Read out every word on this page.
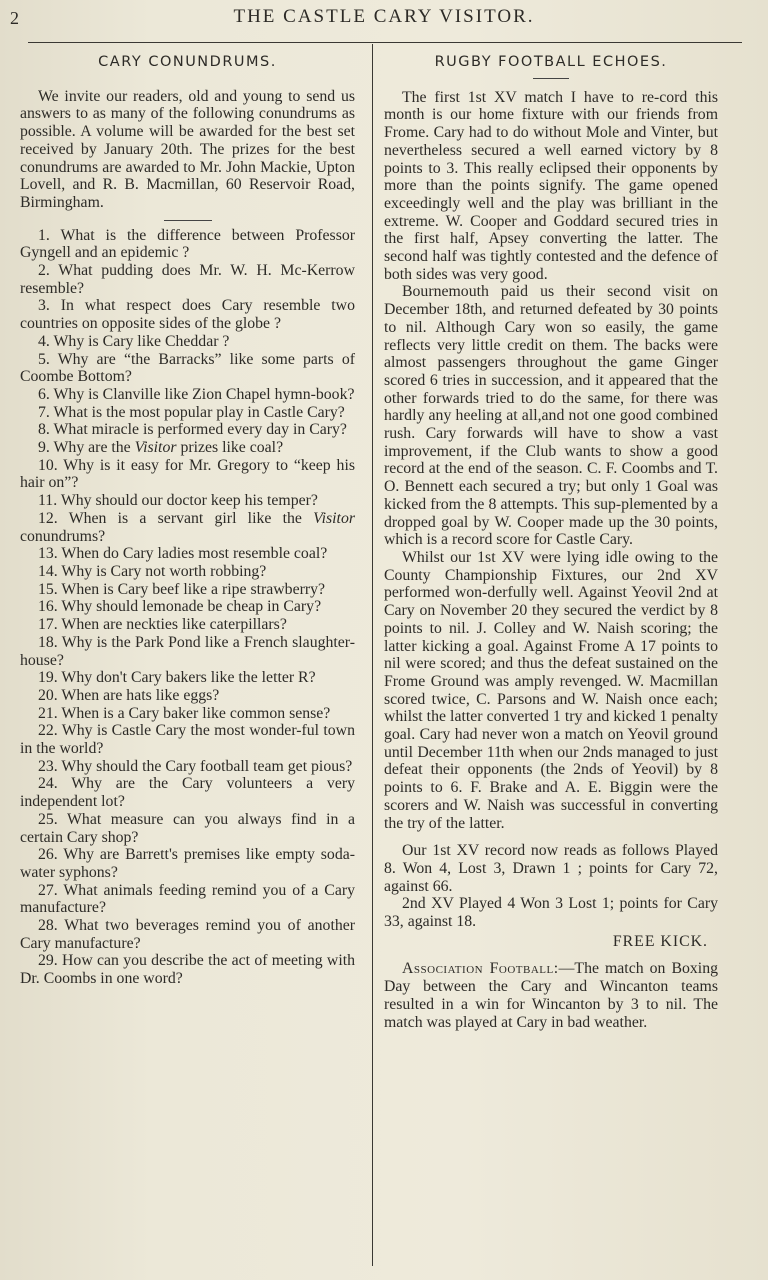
2	THE CASTLE CARY VISITOR.
CARY CONUNDRUMS.

We invite our readers, old and young to send us answers to as many of the following conundrums as possible. A volume will be awarded for the best set received by January 20th. The prizes for the best conundrums are awarded to Mr. John Mackie, Upton Lovell, and R. B. Macmillan, 60 Reservoir Road, Birmingham.

1. What is the difference between Professor Gyngell and an epidemic ?

2. What pudding does Mr. W. H. Mc-Kerrow resemble?

3. In what respect does Cary resemble two countries on opposite sides of the globe ?

4. Why is Cary like Cheddar ?

5. Why are “the Barracks” like some parts of Coombe Bottom?

6. Why is Clanville like Zion Chapel hymn-book?

7. What is the most popular play in Castle Cary?

8. What miracle is performed every day in Cary?

9. Why are the Visitor prizes like coal?

10. Why is it easy for Mr. Gregory to “keep his hair on”?

11. Why should our doctor keep his temper?

12. When is a servant girl like the Visitor conundrums?

13. When do Cary ladies most resemble coal?

14. Why is Cary not worth robbing?

15. When is Cary beef like a ripe strawberry?

16. Why should lemonade be cheap in Cary?

17. When are neckties like caterpillars?

18. Why is the Park Pond like a French slaughter- house?

19. Why don't Cary bakers like the letter R?

20. When are hats like eggs?

21. When is a Cary baker like common sense?

22. Why is Castle Cary the most wonder-ful town in the world?

23. Why should the Cary football team get pious?

24. Why are the Cary volunteers a very independent lot?

25. What measure can you always find in a certain Cary shop?

26. Why are Barrett's premises like empty soda-water syphons?

27. What animals feeding remind you of a Cary manufacture?

28. What two beverages remind you of another Cary manufacture?

29. How can you describe the act of meeting with Dr. Coombs in one word?

RUGBY FOOTBALL ECHOES.

The first 1st XV match I have to re-cord this month is our home fixture with our friends from Frome. Cary had to do without Mole and Vinter, but nevertheless secured a well earned victory by 8 points to 3. This really eclipsed their opponents by more than the points signify. The game opened exceedingly well and the play was brilliant in the extreme. W. Cooper and Goddard secured tries in the first half, Apsey converting the latter. The second half was tightly contested and the defence of both sides was very good.

Bournemouth paid us their second visit on December 18th, and returned defeated by 30 points to nil. Although Cary won so easily, the game reflects very little credit on them. The backs were almost passengers throughout the game Ginger scored 6 tries in succession, and it appeared that the other forwards tried to do the same, for there was hardly any heeling at all,and not one good combined rush. Cary forwards will have to show a vast improvement, if the Club wants to show a good record at the end of the season. C. F. Coombs and T. O. Bennett each secured a try; but only 1 Goal was kicked from the 8 attempts. This sup-plemented by a dropped goal by W. Cooper made up the 30 points, which is a record score for Castle Cary.

Whilst our 1st XV were lying idle owing to the County Championship Fixtures, our 2nd XV performed won-derfully well. Against Yeovil 2nd at Cary on November 20 they secured the verdict by 8 points to nil. J. Colley and W. Naish scoring; the latter kicking a goal. Against Frome A 17 points to nil were scored; and thus the defeat sustained on the Frome Ground was amply revenged. W. Macmillan scored twice, C. Parsons and W. Naish once each; whilst the latter converted 1 try and kicked 1 penalty goal. Cary had never won a match on Yeovil ground until December 11th when our 2nds managed to just defeat their opponents (the 2nds of Yeovil) by 8 points to 6. F. Brake and A. E. Biggin were the scorers and W. Naish was successful in converting the try of the latter.

Our 1st XV record now reads as follows Played 8. Won 4, Lost 3, Drawn 1 ; points for Cary 72, against 66.

2nd XV Played 4 Won 3 Lost 1; points for Cary 33, against 18.

FREE KICK.

Association Football:—The match on Boxing Day between the Cary and Wincanton teams resulted in a win for Wincanton by 3 to nil. The match was played at Cary in bad weather.
